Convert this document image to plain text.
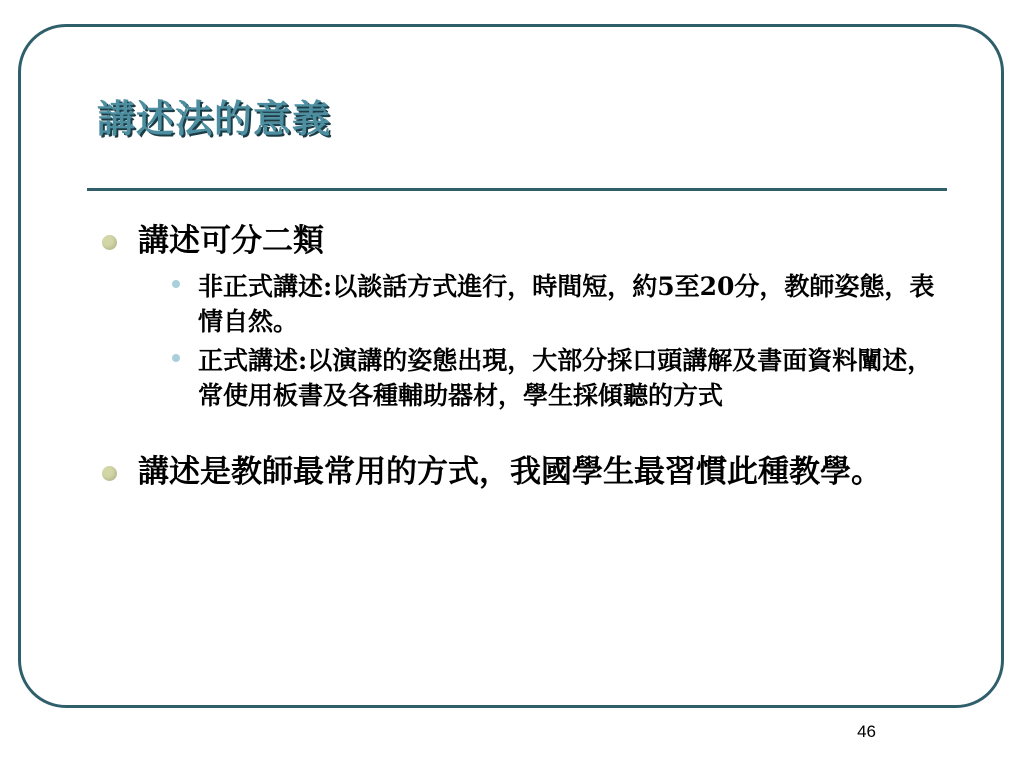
講述法的意義
講述可分二類
非正式講述:以談話方式進行，時間短，約5至20分，教師姿態，表情自然。
正式講述:以演講的姿態出現，大部分採口頭講解及書面資料闡述，常使用板書及各種輔助器材，學生採傾聽的方式
講述是教師最常用的方式，我國學生最習慣此種教學。
46
